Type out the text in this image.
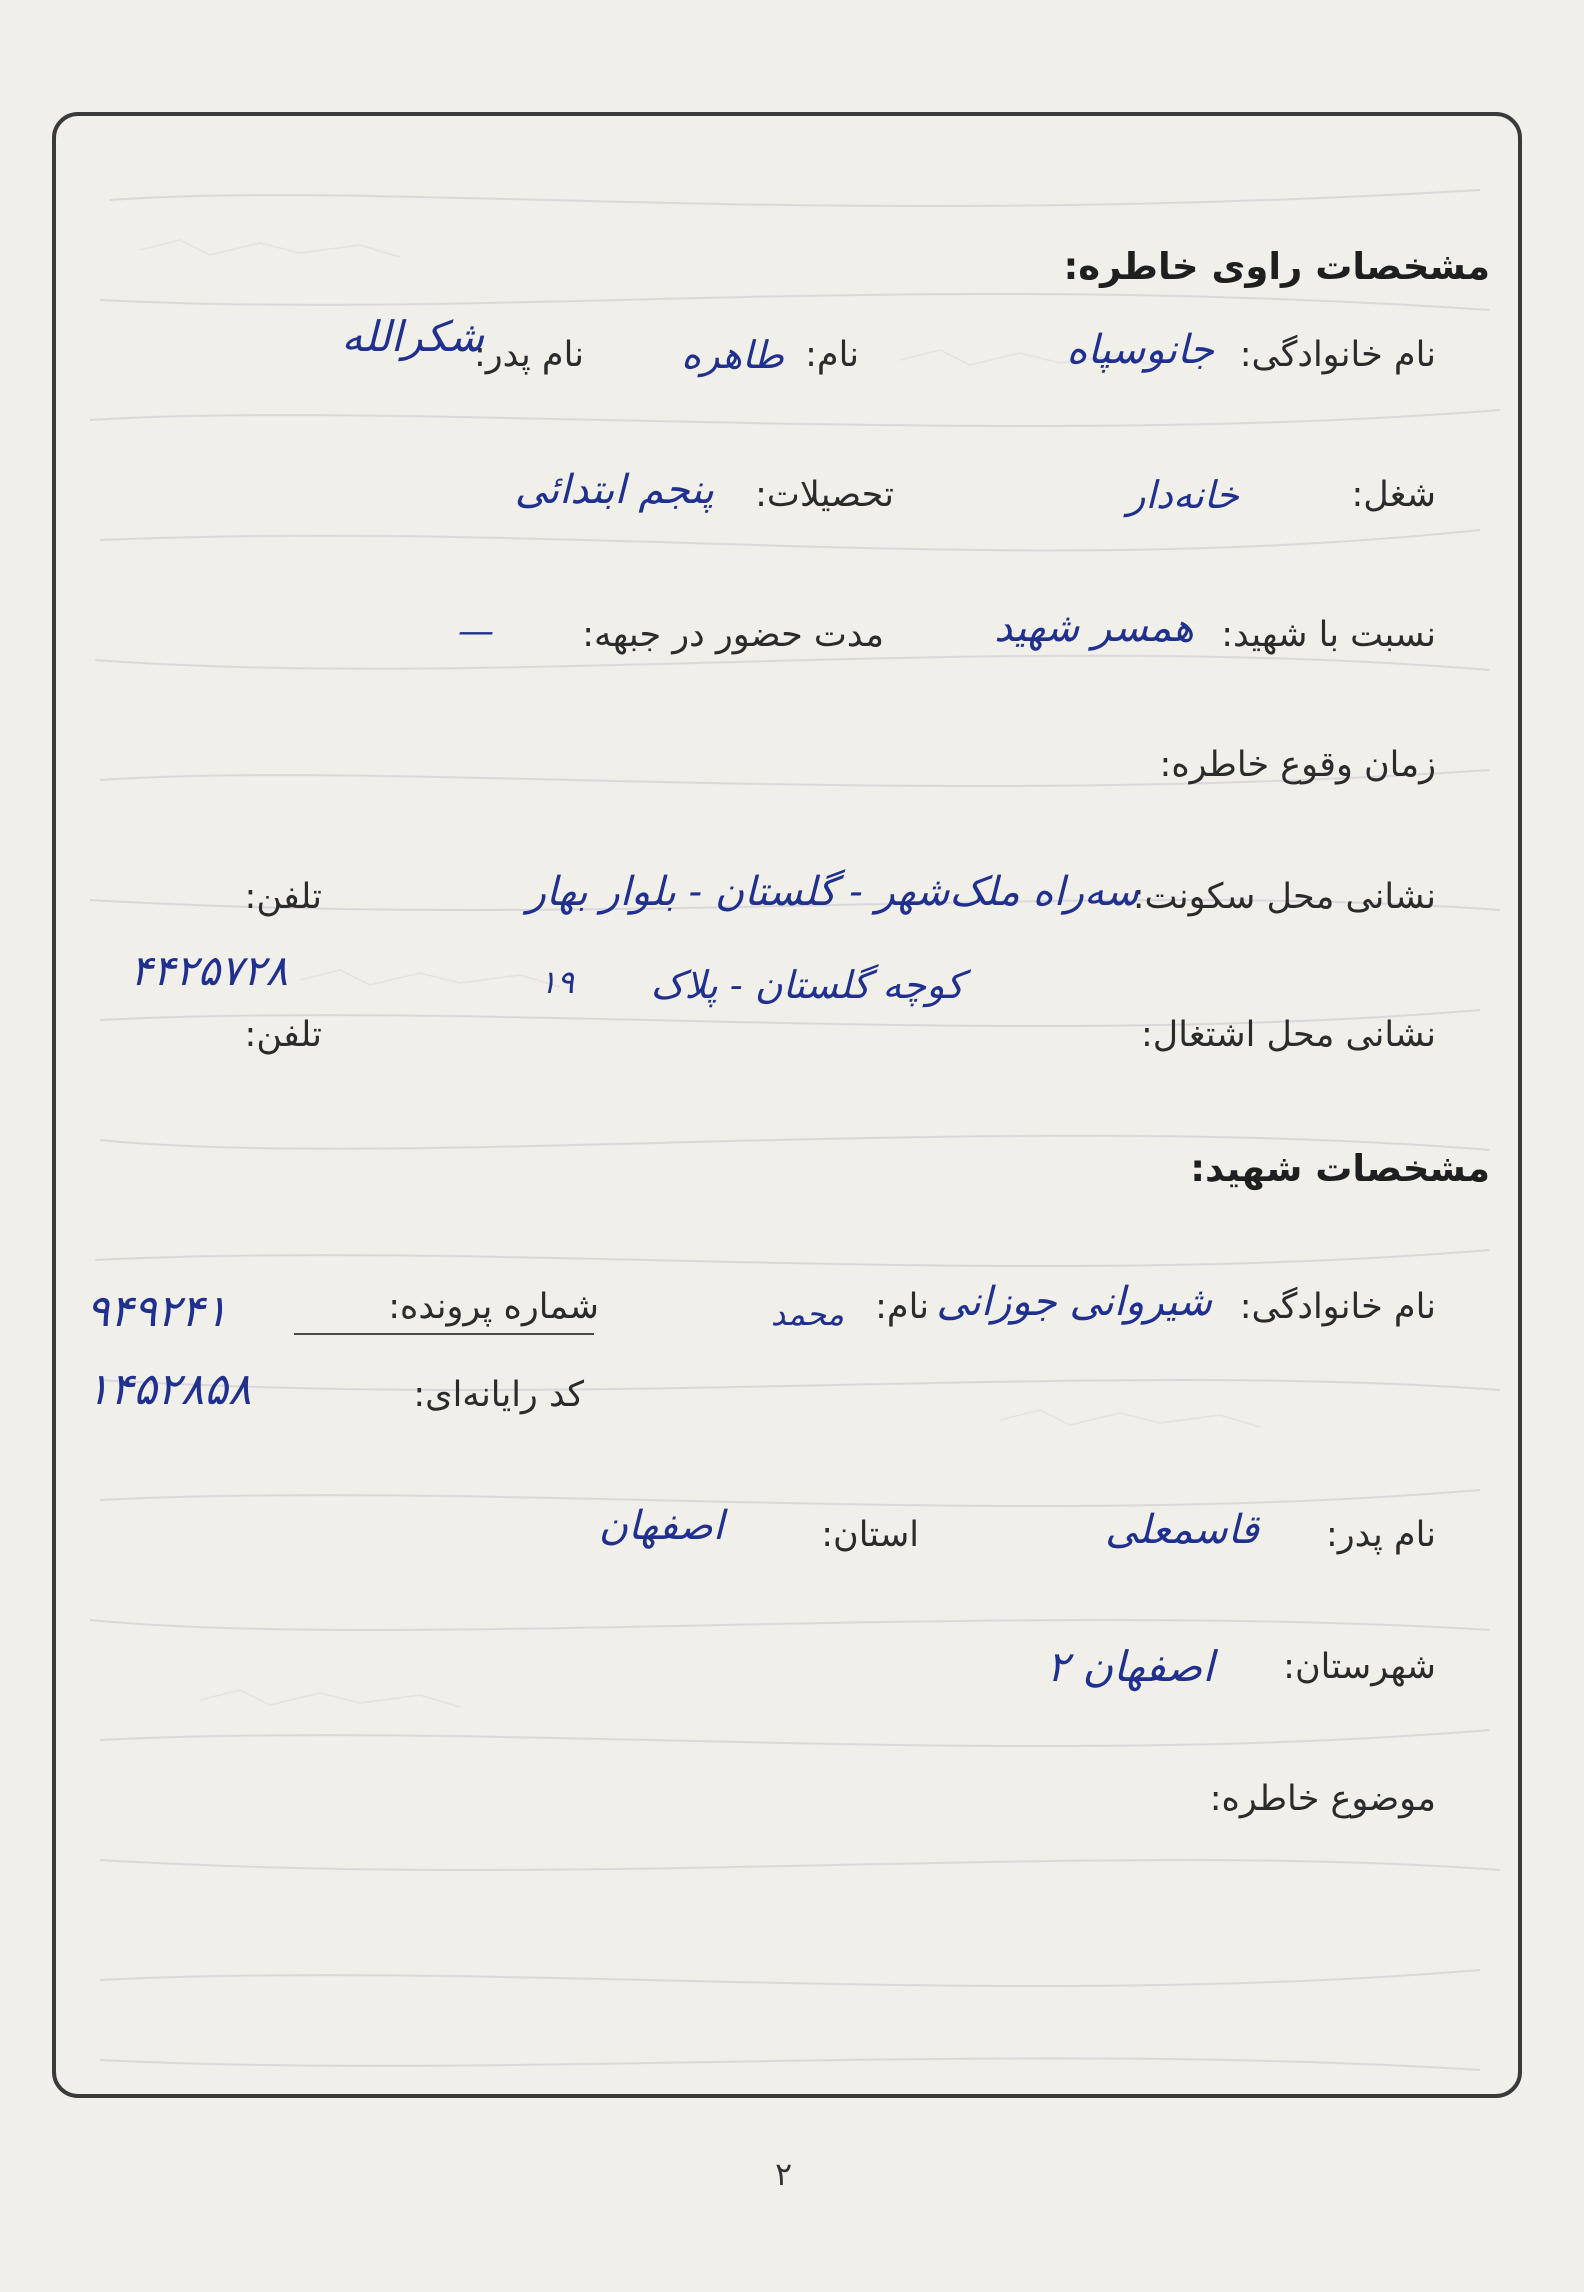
مشخصات راوی خاطره:
نام خانوادگی:
جانوسپاه
نام:
طاهره
نام پدر:
شکرالله
شغل:
خانه‌دار
تحصیلات:
پنجم ابتدائی
نسبت با شهید:
همسر شهید
مدت حضور در جبهه:
—
زمان وقوع خاطره:
نشانی محل سکونت:
سه‌راه ملک‌شهر - گلستان - بلوار بهار
کوچه گلستان - پلاک
۱۹
تلفن:
۴۴۲۵۷۲۸
نشانی محل اشتغال:
تلفن:
مشخصات شهید:
نام خانوادگی:
شیروانی جوزانی
نام:
محمد
شماره پرونده:
۹۴۹۲۴۱
کد رایانه‌ای:
۱۴۵۲۸۵۸
نام پدر:
قاسمعلی
استان:
اصفهان
شهرستان:
اصفهان ۲
موضوع خاطره:
۲
